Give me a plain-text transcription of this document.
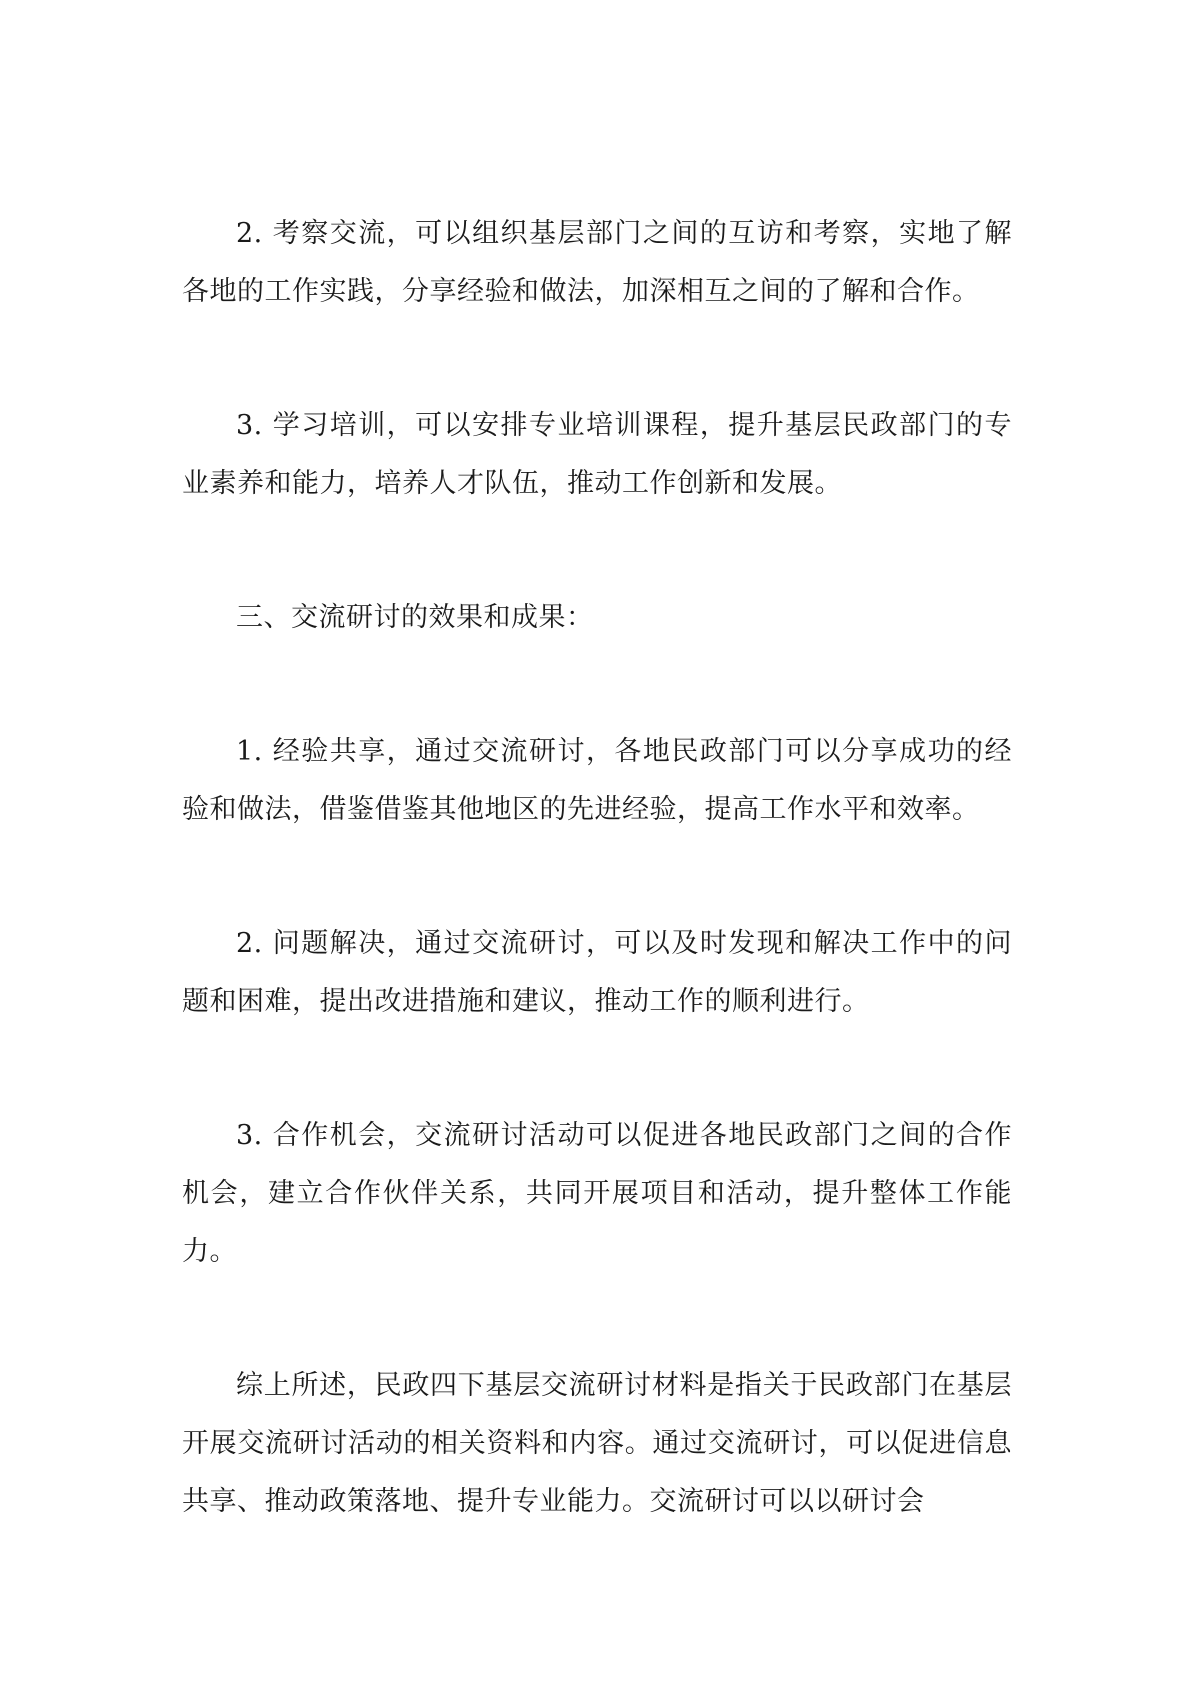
2. 考察交流，可以组织基层部门之间的互访和考察，实地了解各地的工作实践，分享经验和做法，加深相互之间的了解和合作。

3. 学习培训，可以安排专业培训课程，提升基层民政部门的专业素养和能力，培养人才队伍，推动工作创新和发展。

三、交流研讨的效果和成果：

1. 经验共享，通过交流研讨，各地民政部门可以分享成功的经验和做法，借鉴借鉴其他地区的先进经验，提高工作水平和效率。

2. 问题解决，通过交流研讨，可以及时发现和解决工作中的问题和困难，提出改进措施和建议，推动工作的顺利进行。

3. 合作机会，交流研讨活动可以促进各地民政部门之间的合作机会，建立合作伙伴关系，共同开展项目和活动，提升整体工作能力。

综上所述，民政四下基层交流研讨材料是指关于民政部门在基层开展交流研讨活动的相关资料和内容。通过交流研讨，可以促进信息共享、推动政策落地、提升专业能力。交流研讨可以以研讨会
